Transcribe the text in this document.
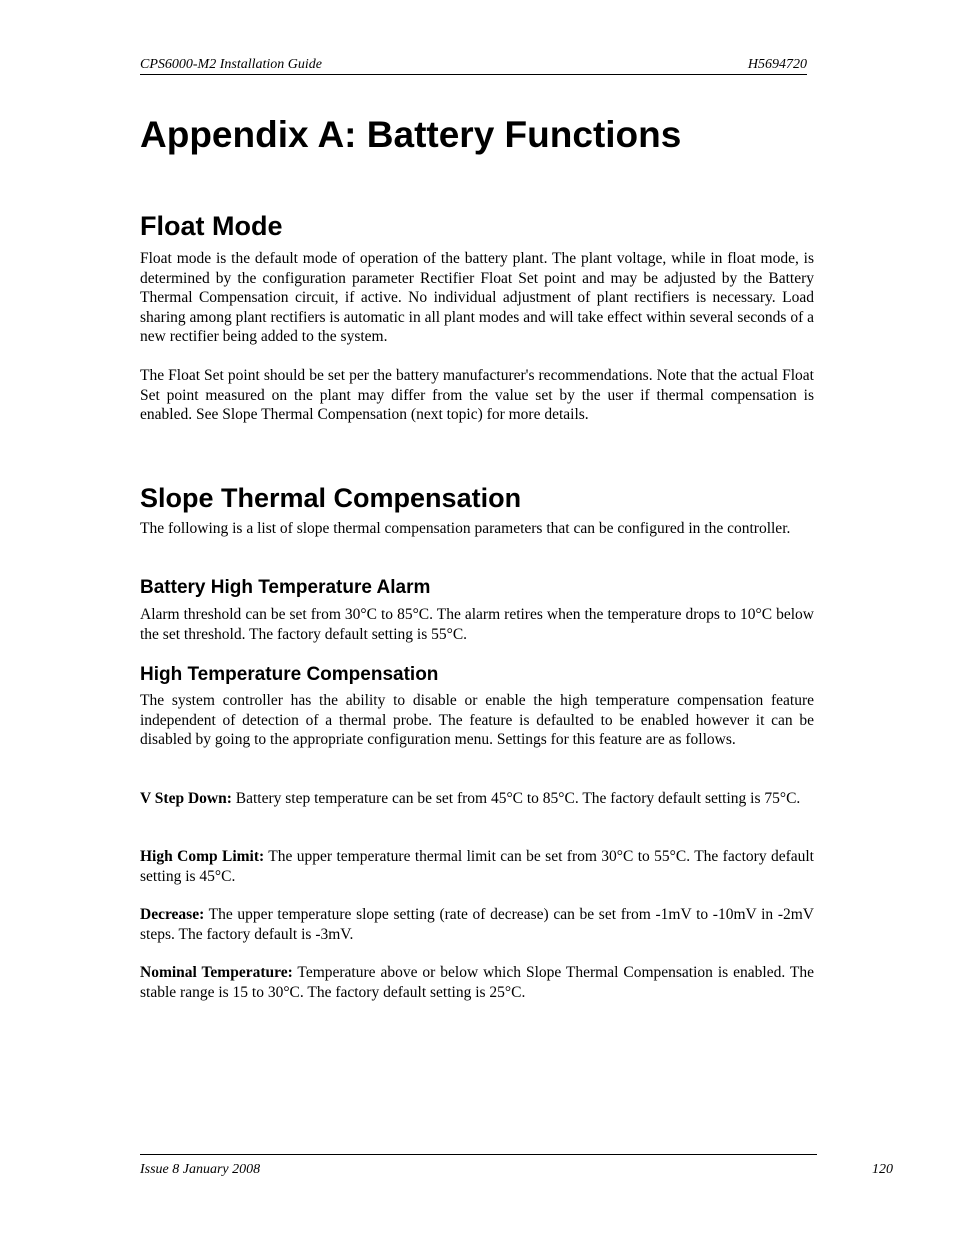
CPS6000-M2 Installation Guide	H5694720
Appendix A: Battery Functions
Float Mode

Float mode is the default mode of operation of the battery plant. The plant voltage, while in float mode, is determined by the configuration parameter Rectifier Float Set point and may be adjusted by the Battery Thermal Compensation circuit, if active. No individual adjustment of plant rectifiers is necessary. Load sharing among plant rectifiers is automatic in all plant modes and will take effect within several seconds of a new rectifier being added to the system.

The Float Set point should be set per the battery manufacturer's recommendations. Note that the actual Float Set point measured on the plant may differ from the value set by the user if thermal compensation is enabled. See Slope Thermal Compensation (next topic) for more details.

Slope Thermal Compensation

The following is a list of slope thermal compensation parameters that can be configured in the controller.

Battery High Temperature Alarm

Alarm threshold can be set from 30°C to 85°C. The alarm retires when the temperature drops to 10°C below the set threshold. The factory default setting is 55°C.

High Temperature Compensation

The system controller has the ability to disable or enable the high temperature compensation feature independent of detection of a thermal probe. The feature is defaulted to be enabled however it can be disabled by going to the appropriate configuration menu. Settings for this feature are as follows.

V Step Down: Battery step temperature can be set from 45°C to 85°C. The factory default setting is 75°C.

High Comp Limit: The upper temperature thermal limit can be set from 30°C to 55°C. The factory default setting is 45°C.

Decrease: The upper temperature slope setting (rate of decrease) can be set from -1mV to -10mV in -2mV steps. The factory default is -3mV.

Nominal Temperature: Temperature above or below which Slope Thermal Compensation is enabled. The stable range is 15 to 30°C. The factory default setting is 25°C.

Issue 8 January 2008	120
